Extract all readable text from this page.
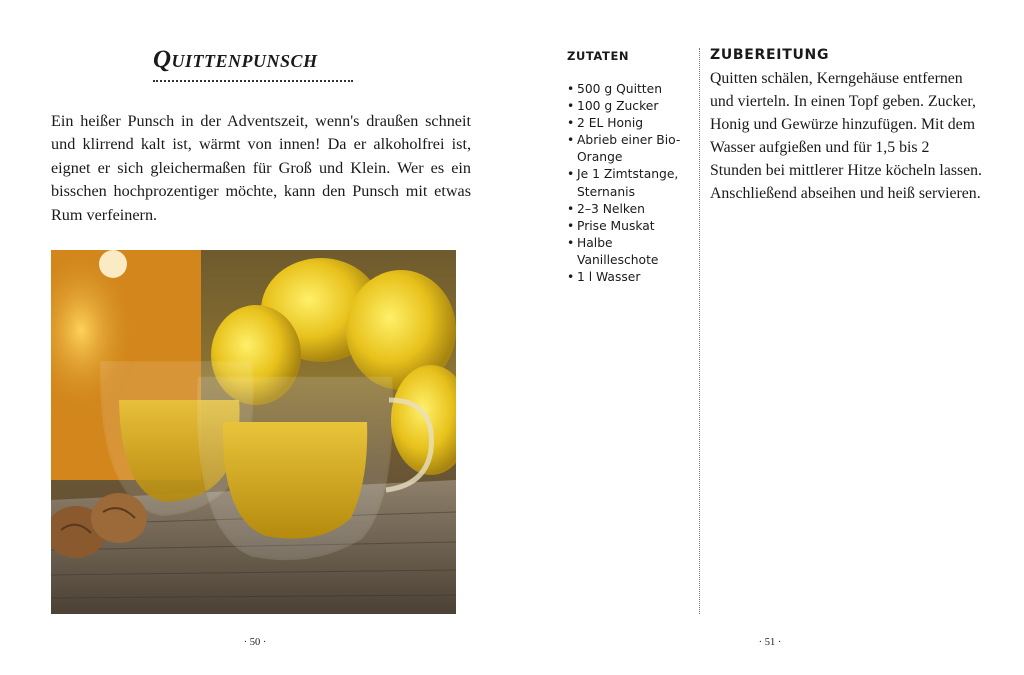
Quittenpunsch

Ein heißer Punsch in der Adventszeit, wenn's draußen schneit und klirrend kalt ist, wärmt von innen! Da er alkoholfrei ist, eignet er sich gleichermaßen für Groß und Klein. Wer es ein bisschen hochprozentiger möchte, kann den Punsch mit etwas Rum verfeinern.

· 50 ·
ZUTATEN
• 500 g Quitten
• 100 g Zucker
• 2 EL Honig
• Abrieb einer Bio-Orange
• Je 1 Zimtstange, Sternanis
• 2–3 Nelken
• Prise Muskat
• Halbe Vanilleschote
• 1 l Wasser
ZUBEREITUNG

Quitten schälen, Kerngehäuse entfernen und vierteln. In einen Topf geben. Zucker, Honig und Gewürze hinzufügen. Mit dem Wasser aufgießen und für 1,5 bis 2 Stunden bei mittlerer Hitze köcheln lassen. Anschließend abseihen und heiß servieren.

· 51 ·
